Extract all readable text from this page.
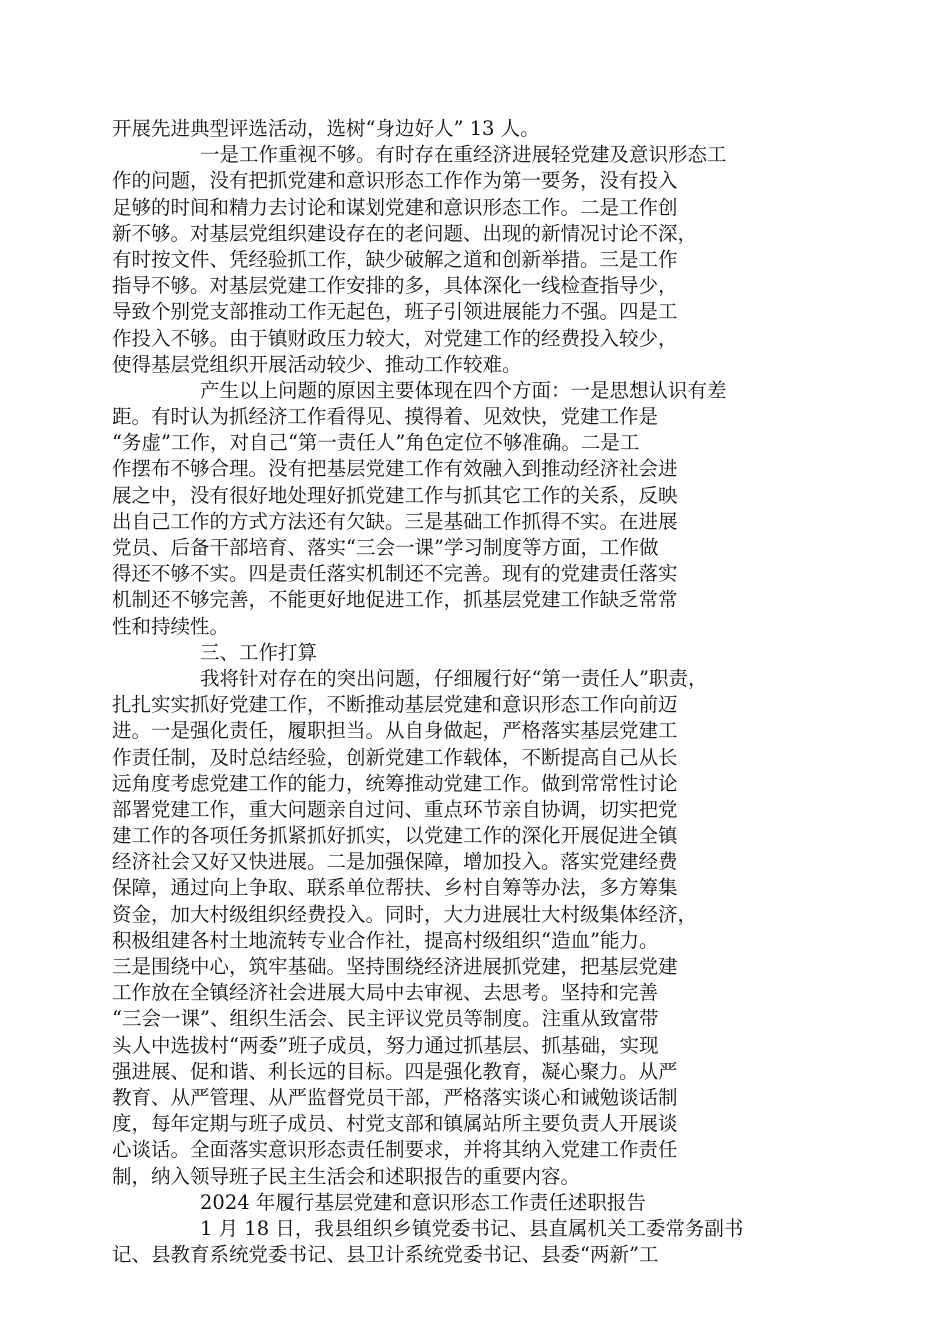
开展先进典型评选活动，选树“身边好人” 13 人。
一是工作重视不够。有时存在重经济进展轻党建及意识形态工
作的问题，没有把抓党建和意识形态工作作为第一要务，没有投入
足够的时间和精力去讨论和谋划党建和意识形态工作。二是工作创
新不够。对基层党组织建设存在的老问题、出现的新情况讨论不深，
有时按文件、凭经验抓工作，缺少破解之道和创新举措。三是工作
指导不够。对基层党建工作安排的多，具体深化一线检查指导少，
导致个别党支部推动工作无起色，班子引领进展能力不强。四是工
作投入不够。由于镇财政压力较大，对党建工作的经费投入较少，
使得基层党组织开展活动较少、推动工作较难。
产生以上问题的原因主要体现在四个方面：一是思想认识有差
距。有时认为抓经济工作看得见、摸得着、见效快，党建工作是
“务虚”工作，对自己“第一责任人”角色定位不够准确。二是工
作摆布不够合理。没有把基层党建工作有效融入到推动经济社会进
展之中，没有很好地处理好抓党建工作与抓其它工作的关系，反映
出自己工作的方式方法还有欠缺。三是基础工作抓得不实。在进展
党员、后备干部培育、落实“三会一课”学习制度等方面，工作做
得还不够不实。四是责任落实机制还不完善。现有的党建责任落实
机制还不够完善，不能更好地促进工作，抓基层党建工作缺乏常常
性和持续性。
三、工作打算
我将针对存在的突出问题，仔细履行好“第一责任人”职责，
扎扎实实抓好党建工作，不断推动基层党建和意识形态工作向前迈
进。一是强化责任，履职担当。从自身做起，严格落实基层党建工
作责任制，及时总结经验，创新党建工作载体，不断提高自己从长
远角度考虑党建工作的能力，统筹推动党建工作。做到常常性讨论
部署党建工作，重大问题亲自过问、重点环节亲自协调，切实把党
建工作的各项任务抓紧抓好抓实，以党建工作的深化开展促进全镇
经济社会又好又快进展。二是加强保障，增加投入。落实党建经费
保障，通过向上争取、联系单位帮扶、乡村自筹等办法，多方筹集
资金，加大村级组织经费投入。同时，大力进展壮大村级集体经济，
积极组建各村土地流转专业合作社，提高村级组织“造血”能力。
三是围绕中心，筑牢基础。坚持围绕经济进展抓党建，把基层党建
工作放在全镇经济社会进展大局中去审视、去思考。坚持和完善
“三会一课”、组织生活会、民主评议党员等制度。注重从致富带
头人中选拔村“两委”班子成员，努力通过抓基层、抓基础，实现
强进展、促和谐、利长远的目标。四是强化教育，凝心聚力。从严
教育、从严管理、从严监督党员干部，严格落实谈心和诫勉谈话制
度，每年定期与班子成员、村党支部和镇属站所主要负责人开展谈
心谈话。全面落实意识形态责任制要求，并将其纳入党建工作责任
制，纳入领导班子民主生活会和述职报告的重要内容。
2024 年履行基层党建和意识形态工作责任述职报告
1 月 18 日，我县组织乡镇党委书记、县直属机关工委常务副书
记、县教育系统党委书记、县卫计系统党委书记、县委“两新”工
